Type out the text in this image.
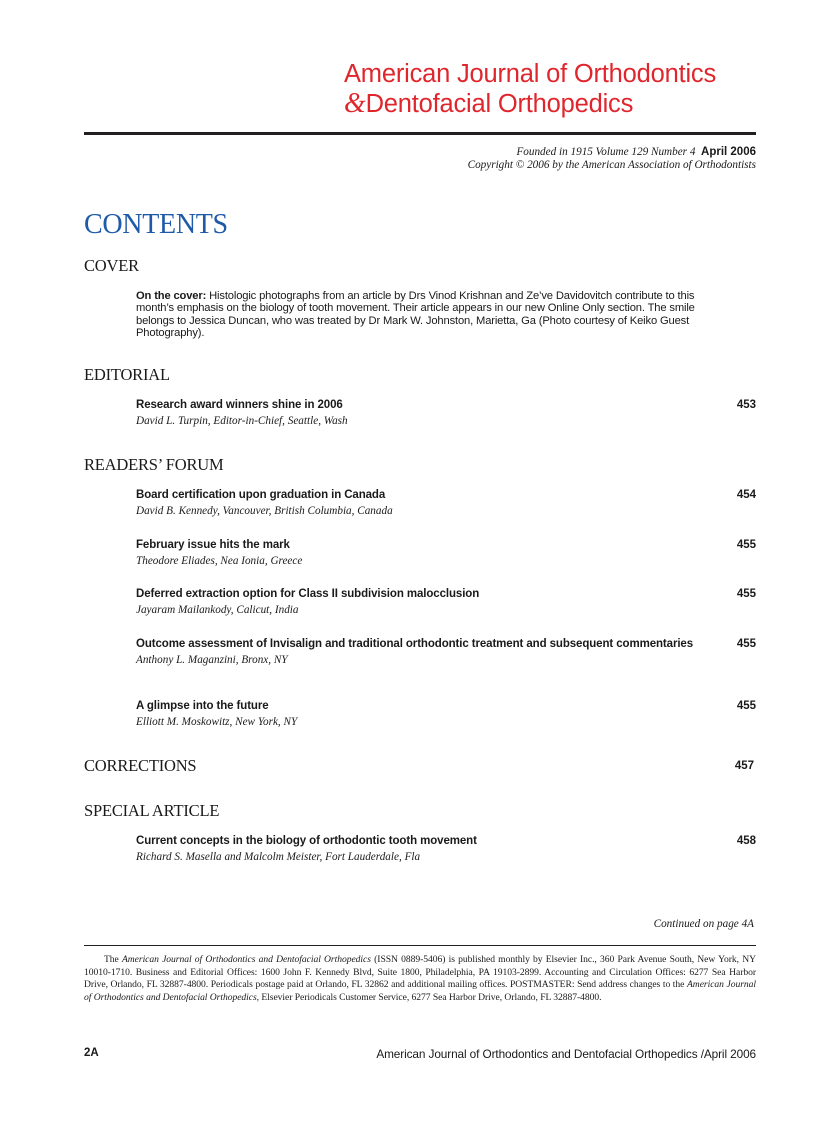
American Journal of Orthodontics
&Dentofacial Orthopedics
Founded in 1915 Volume 129 Number 4 April 2006
Copyright © 2006 by the American Association of Orthodontists
CONTENTS
COVER
On the cover: Histologic photographs from an article by Drs Vinod Krishnan and Ze’ve Davidovitch contribute to this month’s emphasis on the biology of tooth movement. Their article appears in our new Online Only section. The smile belongs to Jessica Duncan, who was treated by Dr Mark W. Johnston, Marietta, Ga (Photo courtesy of Keiko Guest Photography).
EDITORIAL
Research award winners shine in 2006
David L. Turpin, Editor-in-Chief, Seattle, Wash
453
READERS’ FORUM
Board certification upon graduation in Canada
David B. Kennedy, Vancouver, British Columbia, Canada
454
February issue hits the mark
Theodore Eliades, Nea Ionia, Greece
455
Deferred extraction option for Class II subdivision malocclusion
Jayaram Mailankody, Calicut, India
455
Outcome assessment of Invisalign and traditional orthodontic treatment and subsequent commentaries
Anthony L. Maganzini, Bronx, NY
455
A glimpse into the future
Elliott M. Moskowitz, New York, NY
455
CORRECTIONS	457
SPECIAL ARTICLE
Current concepts in the biology of orthodontic tooth movement
Richard S. Masella and Malcolm Meister, Fort Lauderdale, Fla
458
Continued on page 4A
The American Journal of Orthodontics and Dentofacial Orthopedics (ISSN 0889-5406) is published monthly by Elsevier Inc., 360 Park Avenue South, New York, NY 10010-1710. Business and Editorial Offices: 1600 John F. Kennedy Blvd, Suite 1800, Philadelphia, PA 19103-2899. Accounting and Circulation Offices: 6277 Sea Harbor Drive, Orlando, FL 32887-4800. Periodicals postage paid at Orlando, FL 32862 and additional mailing offices. POSTMASTER: Send address changes to the American Journal of Orthodontics and Dentofacial Orthopedics, Elsevier Periodicals Customer Service, 6277 Sea Harbor Drive, Orlando, FL 32887-4800.
2A	American Journal of Orthodontics and Dentofacial Orthopedics /April 2006
